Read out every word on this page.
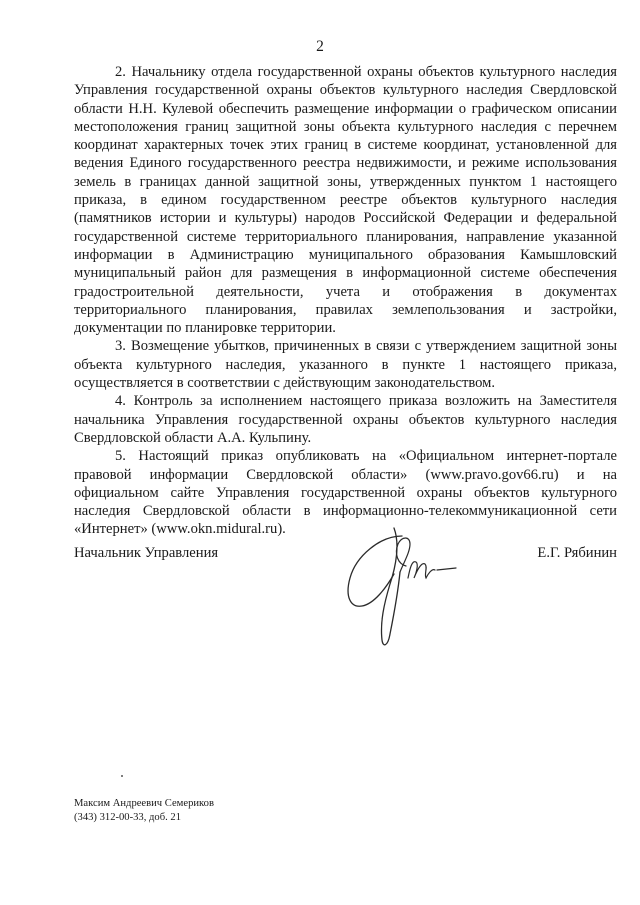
2

2. Начальнику отдела государственной охраны объектов культурного наследия Управления государственной охраны объектов культурного наследия Свердловской области Н.Н. Кулевой обеспечить размещение информации о графическом описании местоположения границ защитной зоны объекта культурного наследия с перечнем координат характерных точек этих границ в системе координат, установленной для ведения Единого государственного реестра недвижимости, и режиме использования земель в границах данной защитной зоны, утвержденных пунктом 1 настоящего приказа, в едином государственном реестре объектов культурного наследия (памятников истории и культуры) народов Российской Федерации и федеральной государственной системе территориального планирования, направление указанной информации в Администрацию муниципального образования Камышловский муниципальный район для размещения в информационной системе обеспечения градостроительной деятельности, учета и отображения в документах территориального планирования, правилах землепользования и застройки, документации по планировке территории.

3. Возмещение убытков, причиненных в связи с утверждением защитной зоны объекта культурного наследия, указанного в пункте 1 настоящего приказа, осуществляется в соответствии с действующим законодательством.

4. Контроль за исполнением настоящего приказа возложить на Заместителя начальника Управления государственной охраны объектов культурного наследия Свердловской области А.А. Кульпину.

5. Настоящий приказ опубликовать на «Официальном интернет-портале правовой информации Свердловской области» (www.pravo.gov66.ru) и на официальном сайте Управления государственной охраны объектов культурного наследия Свердловской области в информационно-телекоммуникационной сети «Интернет» (www.okn.midural.ru).

Начальник Управления	Е.Г. Рябинин
Максим Андреевич Семериков
(343) 312-00-33, доб. 21
